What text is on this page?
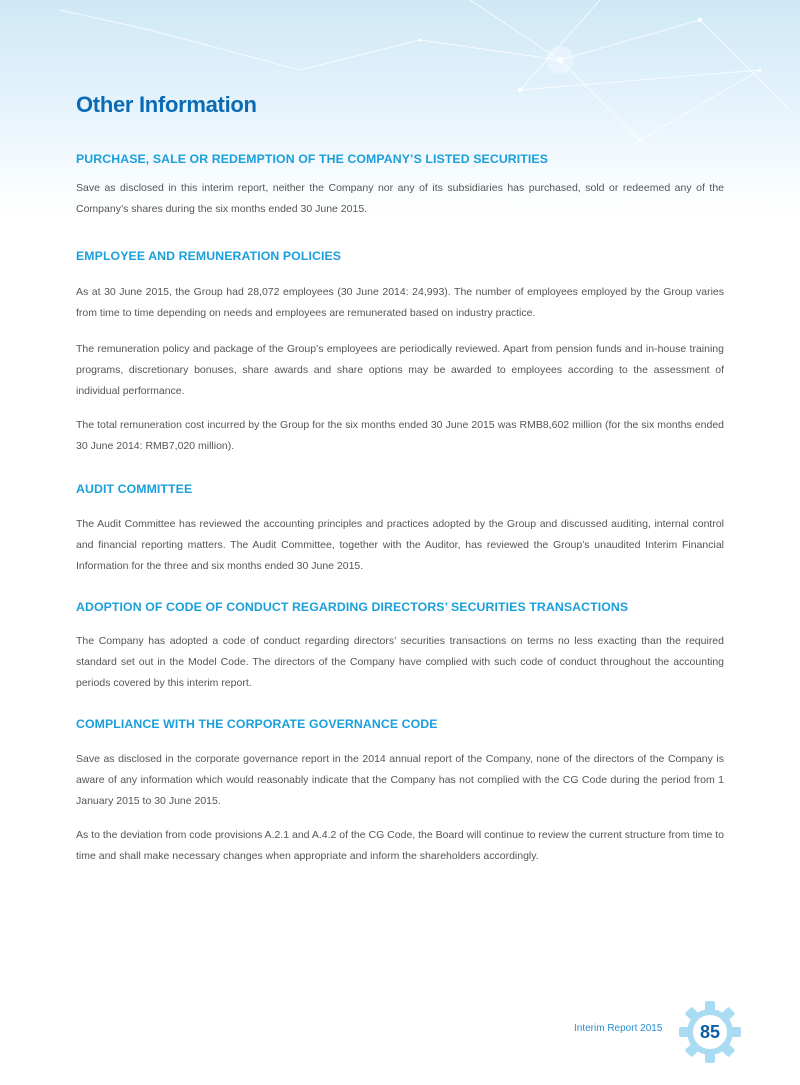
Other Information
PURCHASE, SALE OR REDEMPTION OF THE COMPANY’S LISTED SECURITIES

Save as disclosed in this interim report, neither the Company nor any of its subsidiaries has purchased, sold or redeemed any of the Company’s shares during the six months ended 30 June 2015.

EMPLOYEE AND REMUNERATION POLICIES

As at 30 June 2015, the Group had 28,072 employees (30 June 2014: 24,993). The number of employees employed by the Group varies from time to time depending on needs and employees are remunerated based on industry practice.

The remuneration policy and package of the Group’s employees are periodically reviewed. Apart from pension funds and in-house training programs, discretionary bonuses, share awards and share options may be awarded to employees according to the assessment of individual performance.

The total remuneration cost incurred by the Group for the six months ended 30 June 2015 was RMB8,602 million (for the six months ended 30 June 2014: RMB7,020 million).

AUDIT COMMITTEE

The Audit Committee has reviewed the accounting principles and practices adopted by the Group and discussed auditing, internal control and financial reporting matters. The Audit Committee, together with the Auditor, has reviewed the Group’s unaudited Interim Financial Information for the three and six months ended 30 June 2015.

ADOPTION OF CODE OF CONDUCT REGARDING DIRECTORS’ SECURITIES TRANSACTIONS

The Company has adopted a code of conduct regarding directors’ securities transactions on terms no less exacting than the required standard set out in the Model Code. The directors of the Company have complied with such code of conduct throughout the accounting periods covered by this interim report.

COMPLIANCE WITH THE CORPORATE GOVERNANCE CODE

Save as disclosed in the corporate governance report in the 2014 annual report of the Company, none of the directors of the Company is aware of any information which would reasonably indicate that the Company has not complied with the CG Code during the period from 1 January 2015 to 30 June 2015.

As to the deviation from code provisions A.2.1 and A.4.2 of the CG Code, the Board will continue to review the current structure from time to time and shall make necessary changes when appropriate and inform the shareholders accordingly.

Interim Report 2015	85
